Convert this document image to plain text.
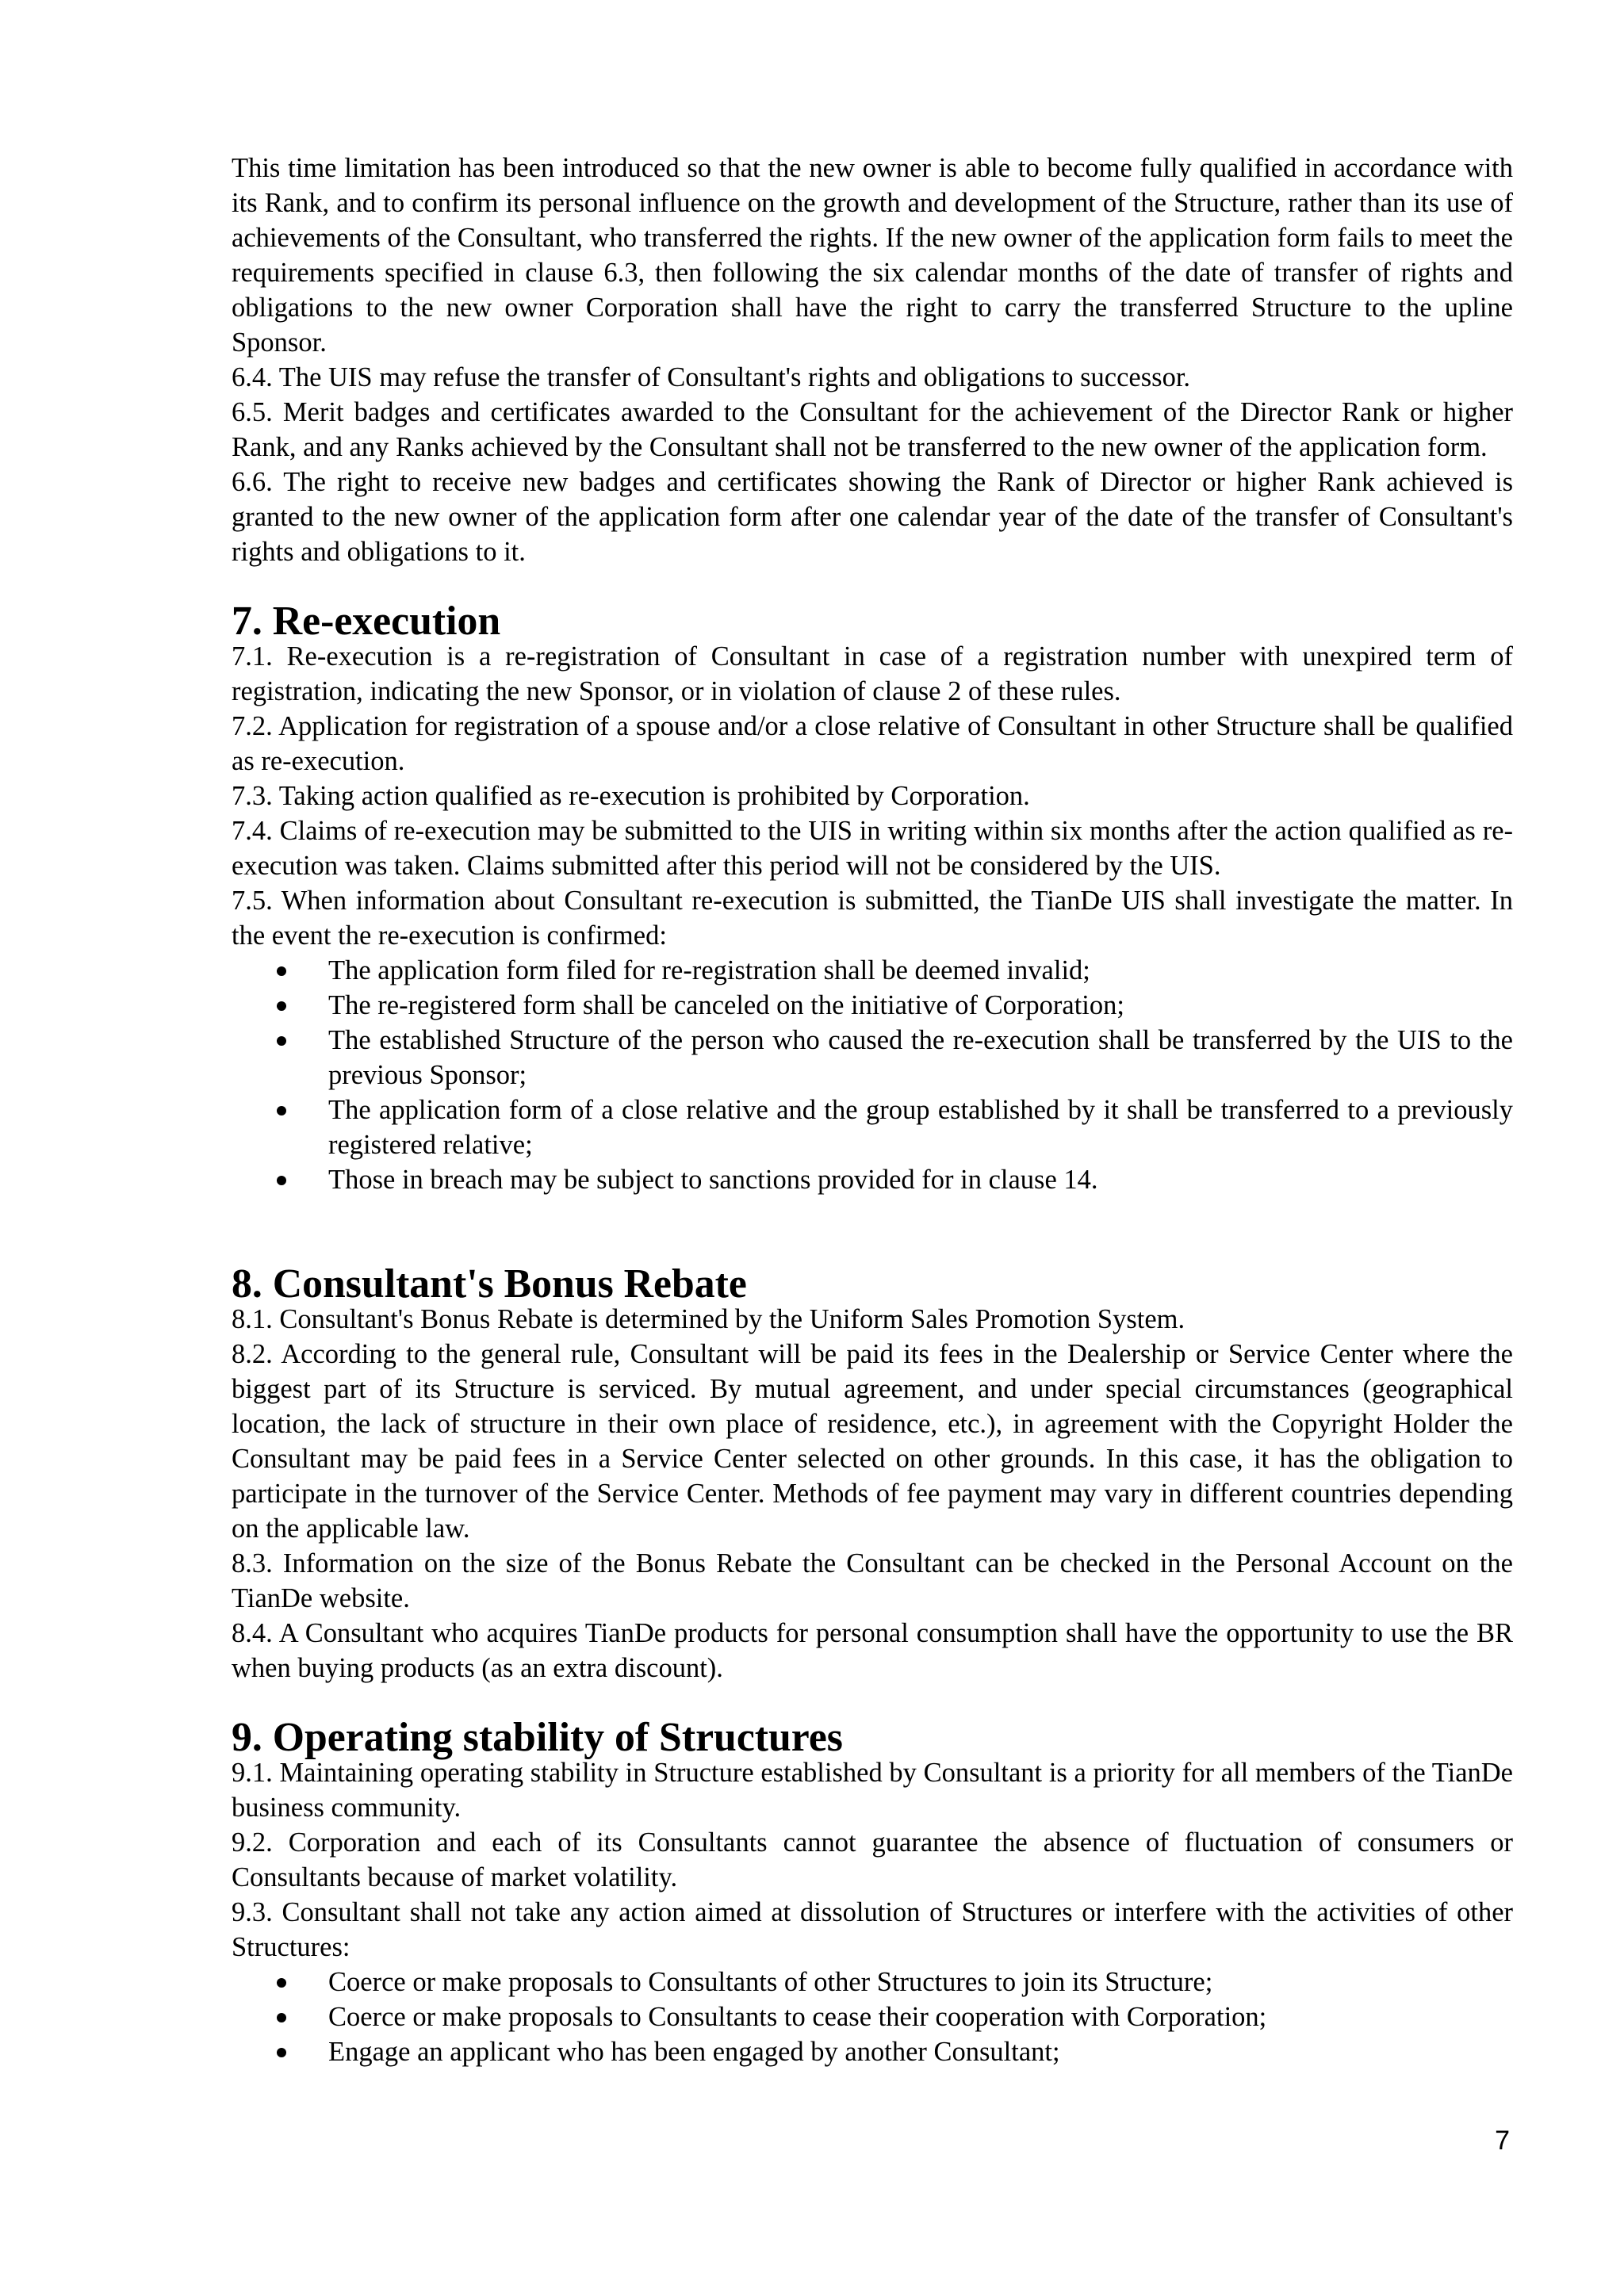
This time limitation has been introduced so that the new owner is able to become fully qualified in accordance with its Rank, and to confirm its personal influence on the growth and development of the Structure, rather than its use of achievements of the Consultant, who transferred the rights. If the new owner of the application form fails to meet the requirements specified in clause 6.3, then following the six calendar months of the date of transfer of rights and obligations to the new owner Corporation shall have the right to carry the transferred Structure to the upline Sponsor.

6.4. The UIS may refuse the transfer of Consultant's rights and obligations to successor.

6.5. Merit badges and certificates awarded to the Consultant for the achievement of the Director Rank or higher Rank, and any Ranks achieved by the Consultant shall not be transferred to the new owner of the application form.

6.6. The right to receive new badges and certificates showing the Rank of Director or higher Rank achieved is granted to the new owner of the application form after one calendar year of the date of the transfer of Consultant's rights and obligations to it.

7. Re-execution

7.1. Re-execution is a re-registration of Consultant in case of a registration number with unexpired term of registration, indicating the new Sponsor, or in violation of clause 2 of these rules.

7.2. Application for registration of a spouse and/or a close relative of Consultant in other Structure shall be qualified as re-execution.

7.3. Taking action qualified as re-execution is prohibited by Corporation.

7.4. Claims of re-execution may be submitted to the UIS in writing within six months after the action qualified as re-execution was taken. Claims submitted after this period will not be considered by the UIS.

7.5. When information about Consultant re-execution is submitted, the TianDe UIS shall investigate the matter. In the event the re-execution is confirmed:

The application form filed for re-registration shall be deemed invalid;
The re-registered form shall be canceled on the initiative of Corporation;
The established Structure of the person who caused the re-execution shall be transferred by the UIS to the previous Sponsor;
The application form of a close relative and the group established by it shall be transferred to a previously registered relative;
Those in breach may be subject to sanctions provided for in clause 14.
8. Consultant's Bonus Rebate

8.1. Consultant's Bonus Rebate is determined by the Uniform Sales Promotion System.

8.2. According to the general rule, Consultant will be paid its fees in the Dealership or Service Center where the biggest part of its Structure is serviced. By mutual agreement, and under special circumstances (geographical location, the lack of structure in their own place of residence, etc.), in agreement with the Copyright Holder the Consultant may be paid fees in a Service Center selected on other grounds. In this case, it has the obligation to participate in the turnover of the Service Center. Methods of fee payment may vary in different countries depending on the applicable law.

8.3. Information on the size of the Bonus Rebate the Consultant can be checked in the Personal Account on the TianDe website.

8.4. A Consultant who acquires TianDe products for personal consumption shall have the opportunity to use the BR when buying products (as an extra discount).

9. Operating stability of Structures

9.1. Maintaining operating stability in Structure established by Consultant is a priority for all members of the TianDe business community.

9.2. Corporation and each of its Consultants cannot guarantee the absence of fluctuation of consumers or Consultants because of market volatility.

9.3. Consultant shall not take any action aimed at dissolution of Structures or interfere with the activities of other Structures:

Coerce or make proposals to Consultants of other Structures to join its Structure;
Coerce or make proposals to Consultants to cease their cooperation with Corporation;
Engage an applicant who has been engaged by another Consultant;
7
